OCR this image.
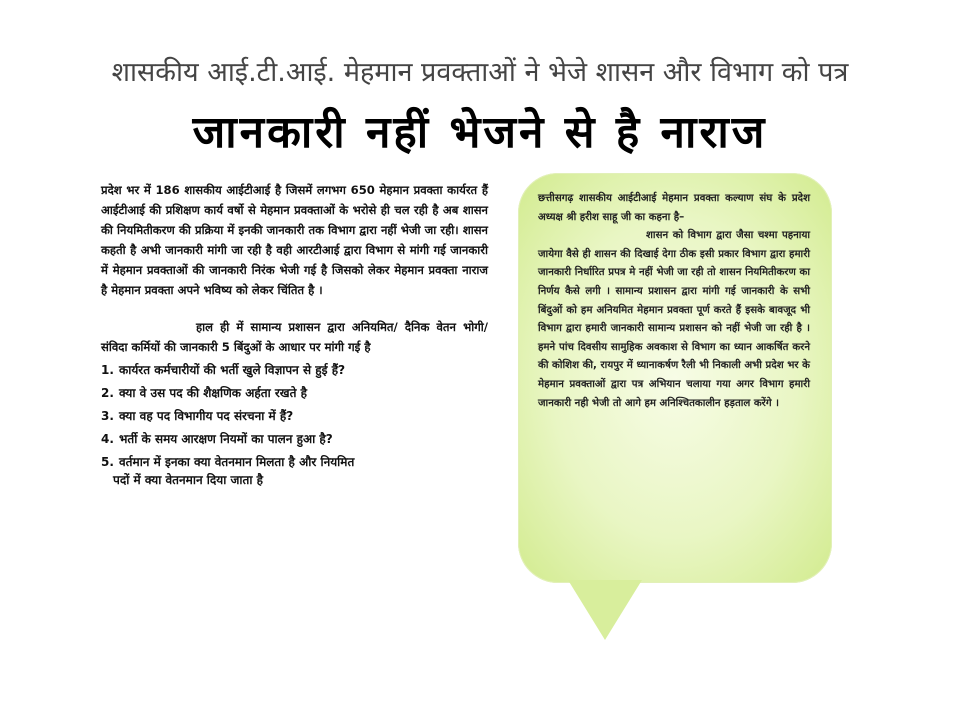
शासकीय आई.टी.आई. मेहमान प्रवक्ताओं ने भेजे शासन और विभाग को पत्र
जानकारी नहीं भेजने से है नाराज

प्रदेश भर में 186 शासकीय आईटीआई है जिसमें लगभग 650 मेहमान प्रवक्ता कार्यरत हैं आईटीआई की प्रशिक्षण कार्य वर्षो से मेहमान प्रवक्ताओं के भरोसे ही चल रही है अब शासन की नियमितीकरण की प्रक्रिया में इनकी जानकारी तक विभाग द्वारा नहीं भेजी जा रही। शासन कहती है अभी जानकारी मांगी जा रही है वही आरटीआई द्वारा विभाग से मांगी गई जानकारी में मेहमान प्रवक्ताओं की जानकारी निरंक भेजी गई है जिसको लेकर मेहमान प्रवक्ता नाराज है मेहमान प्रवक्ता अपने भविष्य को लेकर चिंतित है ।

हाल ही में सामान्य प्रशासन द्वारा अनियमित/ दैनिक वेतन भोगी/ संविदा कर्मियों की जानकारी 5 बिंदुओं के आधार पर मांगी गई है

1. कार्यरत कर्मचारीयों की भर्ती खुले विज्ञापन से हुई हैं?
2. क्या वे उस पद की शैक्षणिक अर्हता रखते है
3. क्या वह पद विभागीय पद संरचना में हैं?
4. भर्ती के समय आरक्षण नियमों का पालन हुआ है?
5. वर्तमान में इनका क्या वेतनमान मिलता है और नियमित
पदों में क्या वेतनमान दिया जाता है

छत्तीसगढ़ शासकीय आईटीआई मेहमान प्रवक्ता कल्याण संघ के प्रदेश अध्यक्ष श्री हरीश साहू जी का कहना है–

शासन को विभाग द्वारा जैसा चश्मा पहनाया जायेगा वैसे ही शासन की दिखाई देगा ठीक इसी प्रकार विभाग द्वारा हमारी जानकारी निर्धारित प्रपत्र मे नहीं भेजी जा रही तो शासन नियमितीकरण का निर्णय कैसे लगी । सामान्य प्रशासन द्वारा मांगी गई जानकारी के सभी बिंदुओं को हम अनियमित मेहमान प्रवक्ता पूर्ण करते हैं इसके बावजूद भी विभाग द्वारा हमारी जानकारी सामान्य प्रशासन को नहीं भेजी जा रही है । हमने पांच दिवसीय सामुहिक अवकाश से विभाग का ध्यान आकर्षित करने की कोशिश की, रायपुर में ध्यानाकर्षण रैली भी निकाली अभी प्रदेश भर के मेहमान प्रवक्ताओं द्वारा पत्र अभियान चलाया गया अगर विभाग हमारी जानकारी नही भेजी तो आगे हम अनिश्चितकालीन हड़ताल करेंगे ।
